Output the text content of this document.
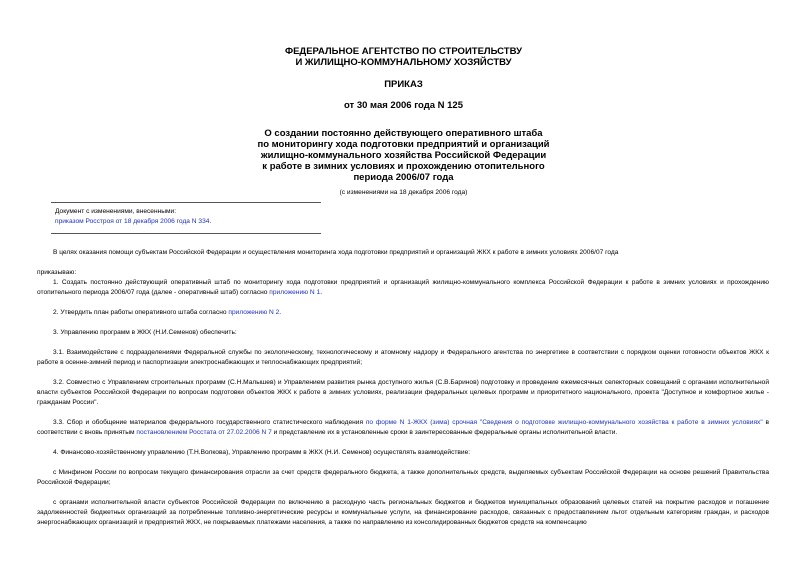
ФЕДЕРАЛЬНОЕ АГЕНТСТВО ПО СТРОИТЕЛЬСТВУ
И ЖИЛИЩНО-КОММУНАЛЬНОМУ ХОЗЯЙСТВУ
ПРИКАЗ
от 30 мая 2006 года N 125
О создании постоянно действующего оперативного штаба
по мониторингу хода подготовки предприятий и организаций
жилищно-коммунального хозяйства Российской Федерации
к работе в зимних условиях и прохождению отопительного
периода 2006/07 года
(с изменениями на 18 декабря 2006 года)
Документ с изменениями, внесенными:
приказом Росстроя от 18 декабря 2006 года N 334.

В целях оказания помощи субъектам Российской Федерации и осуществления мониторинга хода подготовки предприятий и организаций ЖКХ к работе в зимних условиях 2006/07 года

приказываю:

1. Создать постоянно действующий оперативный штаб по мониторингу хода подготовки предприятий и организаций жилищно-коммунального комплекса Российской Федерации к работе в зимних условиях и прохождению отопительного периода 2006/07 года (далее - оперативный штаб) согласно приложению N 1.

2. Утвердить план работы оперативного штаба согласно приложению N 2.

3. Управлению программ в ЖКХ (Н.И.Семенов) обеспечить:

3.1. Взаимодействие с подразделениями Федеральной службы по экологическому, технологическому и атомному надзору и Федерального агентства по энергетике в соответствии с порядком оценки готовности объектов ЖКХ к работе в осенне-зимний период и паспортизации электроснабжающих и теплоснабжающих предприятий;

3.2. Совместно с Управлением строительных программ (С.Н.Малышев) и Управлением развития рынка доступного жилья (С.В.Баринов) подготовку и проведение ежемесячных селекторных совещаний с органами исполнительной власти субъектов Российской Федерации по вопросам подготовки объектов ЖКХ к работе в зимних условиях, реализации федеральных целевых программ и приоритетного национального, проекта "Доступное и комфортное жилье - гражданам России".

3.3. Сбор и обобщение материалов федерального государственного статистического наблюдения по форме N 1-ЖКХ (зима) срочная "Сведения о подготовке жилищно-коммунального хозяйства к работе в зимних условиях" в соответствии с вновь принятым постановлением Росстата от 27.02.2006 N 7 и представление их в установленные сроки в заинтересованные федеральные органы исполнительной власти.

4. Финансово-хозяйственному управлению (Т.Н.Волкова), Управлению программ в ЖКХ (Н.И. Семенов) осуществлять взаимодействие:

с Минфином России по вопросам текущего финансирования отрасли за счет средств федерального бюджета, а также дополнительных средств, выделяемых субъектам Российской Федерации на основе решений Правительства Российской Федерации;

с органами исполнительной власти субъектов Российской Федерации по включению в расходную часть региональных бюджетов и бюджетов муниципальных образований целевых статей на покрытие расходов и погашение задолженностей бюджетных организаций за потребленные топливно-энергетические ресурсы и коммунальные услуги, на финансирование расходов, связанных с предоставлением льгот отдельным категориям граждан, и расходов энергоснабжающих организаций и предприятий ЖКХ, не покрываемых платежами населения, а также по направлению из консолидированных бюджетов средств на компенсацию
